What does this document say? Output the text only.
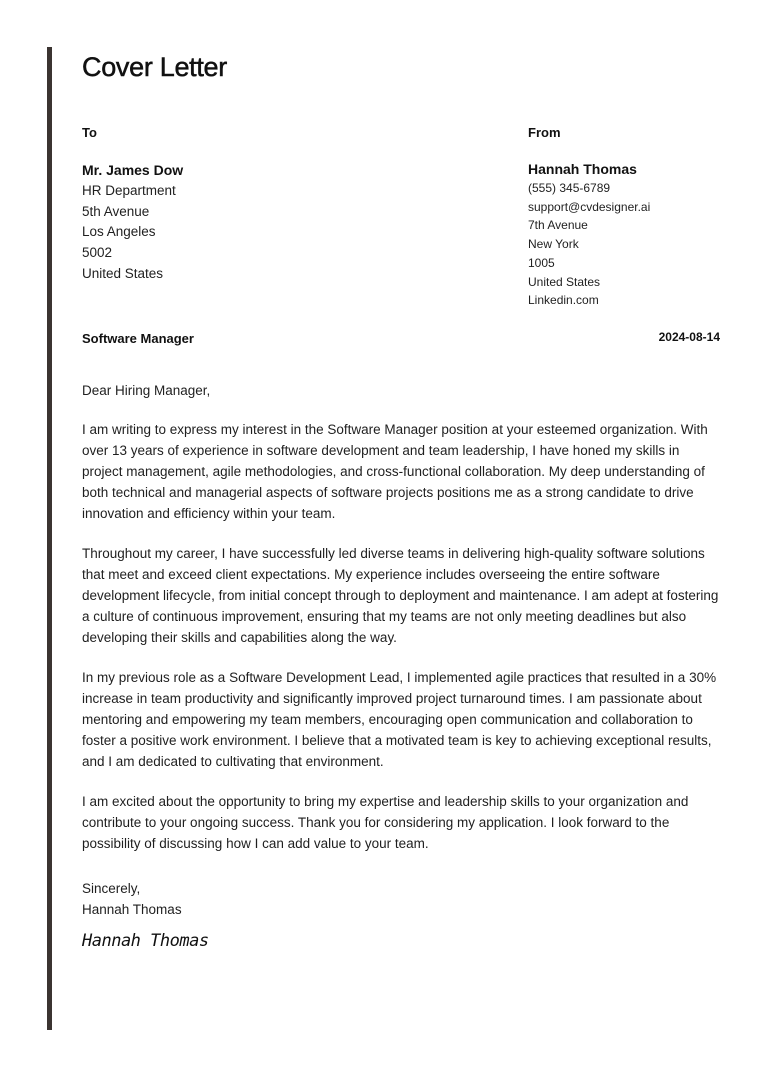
Cover Letter
To	From
Mr. James Dow
HR Department
5th Avenue
Los Angeles
5002
United States
Hannah Thomas
(555) 345-6789
support@cvdesigner.ai
7th Avenue
New York
1005
United States
Linkedin.com
Software Manager	2024-08-14

Dear Hiring Manager,

I am writing to express my interest in the Software Manager position at your esteemed organization. With over 13 years of experience in software development and team leadership, I have honed my skills in project management, agile methodologies, and cross-functional collaboration. My deep understanding of both technical and managerial aspects of software projects positions me as a strong candidate to drive innovation and efficiency within your team.

Throughout my career, I have successfully led diverse teams in delivering high-quality software solutions that meet and exceed client expectations. My experience includes overseeing the entire software development lifecycle, from initial concept through to deployment and maintenance. I am adept at fostering a culture of continuous improvement, ensuring that my teams are not only meeting deadlines but also developing their skills and capabilities along the way.

In my previous role as a Software Development Lead, I implemented agile practices that resulted in a 30% increase in team productivity and significantly improved project turnaround times. I am passionate about mentoring and empowering my team members, encouraging open communication and collaboration to foster a positive work environment. I believe that a motivated team is key to achieving exceptional results, and I am dedicated to cultivating that environment.

I am excited about the opportunity to bring my expertise and leadership skills to your organization and contribute to your ongoing success. Thank you for considering my application. I look forward to the possibility of discussing how I can add value to your team.

Sincerely,
Hannah Thomas
Hannah Thomas
